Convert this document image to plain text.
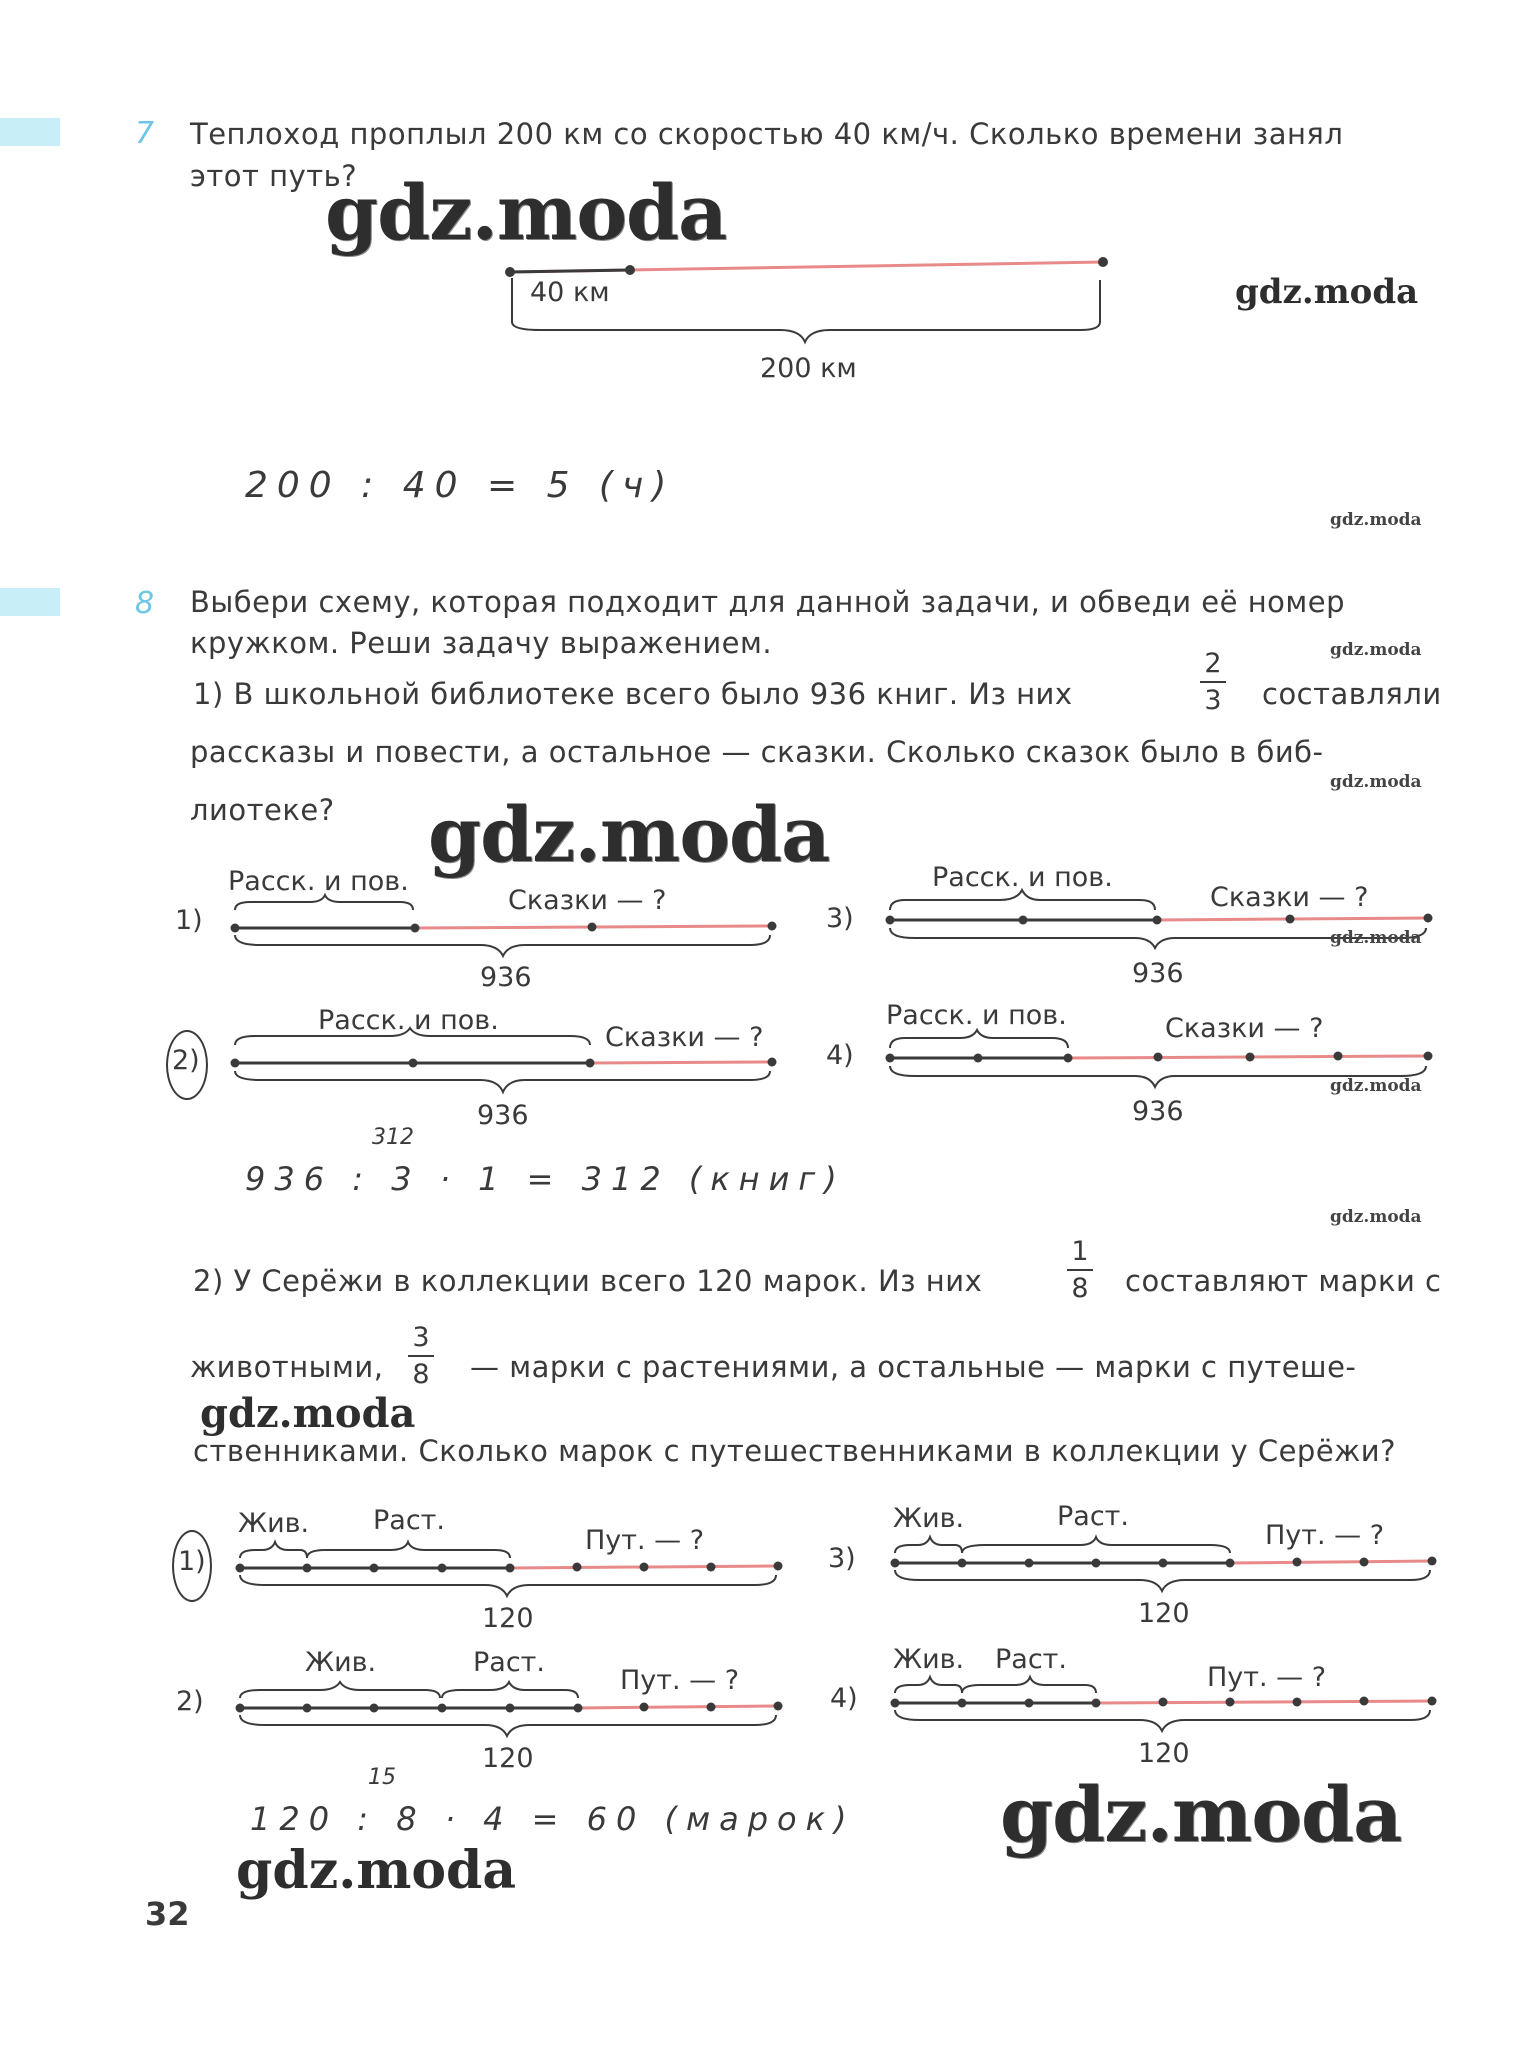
7 Теплоход проплыл 200 км со скоростью 40 км/ч. Сколько времени занял
этот путь?
gdz.moda
gdz.moda
40 км
200 км
200 : 40 = 5 (ч)
gdz.moda
8 Выбери схему, которая подходит для данной задачи, и обведи её номер
кружком. Реши задачу выражением.	gdz.moda
1) В школьной библиотеке всего было 936 книг. Из них
2
3 составляли
рассказы и повести, а остальное — сказки. Сколько сказок было в биб-
лиотеке?
gdz.moda
gdz.moda
1)
Расск. и пов.
Сказки — ?
936
2)
Расск. и пов.
Сказки — ?
936
3)
Расск. и пов.
Сказки — ?
936
gdz.moda
4)
Расск. и пов.	Сказки — ?
936
gdz.moda
312
936 : 3 · 1 = 312 (книг)
gdz.moda
2) У Серёжи в коллекции всего 120 марок. Из них
1
8 составляют марки с
животными,
3
8 — марки с растениями, а остальные — марки с путеше-
gdz.moda
ственниками. Сколько марок с путешественниками в коллекции у Серёжи?
1)
Жив. Раст.
Пут. — ?
120
2)
Жив.	Раст.
Пут. — ?
120
3)
Жив.	Раст.
Пут. — ?
120
4)
Жив. Раст.
Пут. — ?
120
15
120 : 8 · 4 = 60 (марок) gdz.moda
gdz.moda
32
